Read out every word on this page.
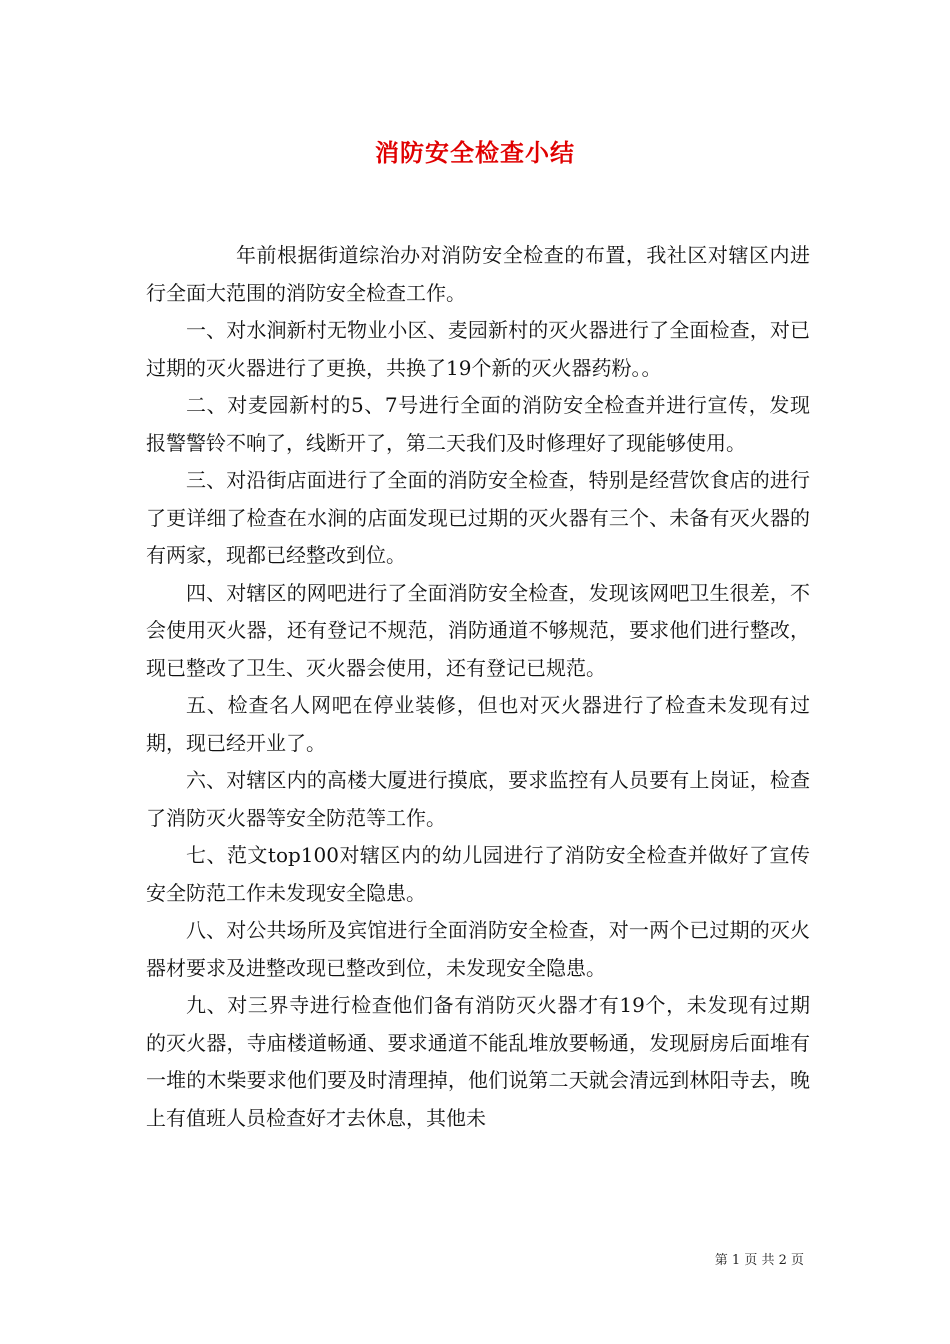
消防安全检查小结

年前根据街道综治办对消防安全检查的布置，我社区对辖区内进行全面大范围的消防安全检查工作。

一、对水涧新村无物业小区、麦园新村的灭火器进行了全面检查，对已过期的灭火器进行了更换，共换了19个新的灭火器药粉。。

二、对麦园新村的5、7号进行全面的消防安全检查并进行宣传，发现报警警铃不响了，线断开了，第二天我们及时修理好了现能够使用。

三、对沿街店面进行了全面的消防安全检查，特别是经营饮食店的进行了更详细了检查在水涧的店面发现已过期的灭火器有三个、未备有灭火器的有两家，现都已经整改到位。

四、对辖区的网吧进行了全面消防安全检查，发现该网吧卫生很差，不会使用灭火器，还有登记不规范，消防通道不够规范，要求他们进行整改，现已整改了卫生、灭火器会使用，还有登记已规范。

五、检查名人网吧在停业装修，但也对灭火器进行了检查未发现有过期，现已经开业了。

六、对辖区内的高楼大厦进行摸底，要求监控有人员要有上岗证，检查了消防灭火器等安全防范等工作。

七、范文top100对辖区内的幼儿园进行了消防安全检查并做好了宣传安全防范工作未发现安全隐患。

八、对公共场所及宾馆进行全面消防安全检查，对一两个已过期的灭火器材要求及进整改现已整改到位，未发现安全隐患。

九、对三界寺进行检查他们备有消防灭火器才有19个，未发现有过期的灭火器，寺庙楼道畅通、要求通道不能乱堆放要畅通，发现厨房后面堆有一堆的木柴要求他们要及时清理掉，他们说第二天就会清远到林阳寺去，晚上有值班人员检查好才去休息，其他未

第 1 页 共 2 页
